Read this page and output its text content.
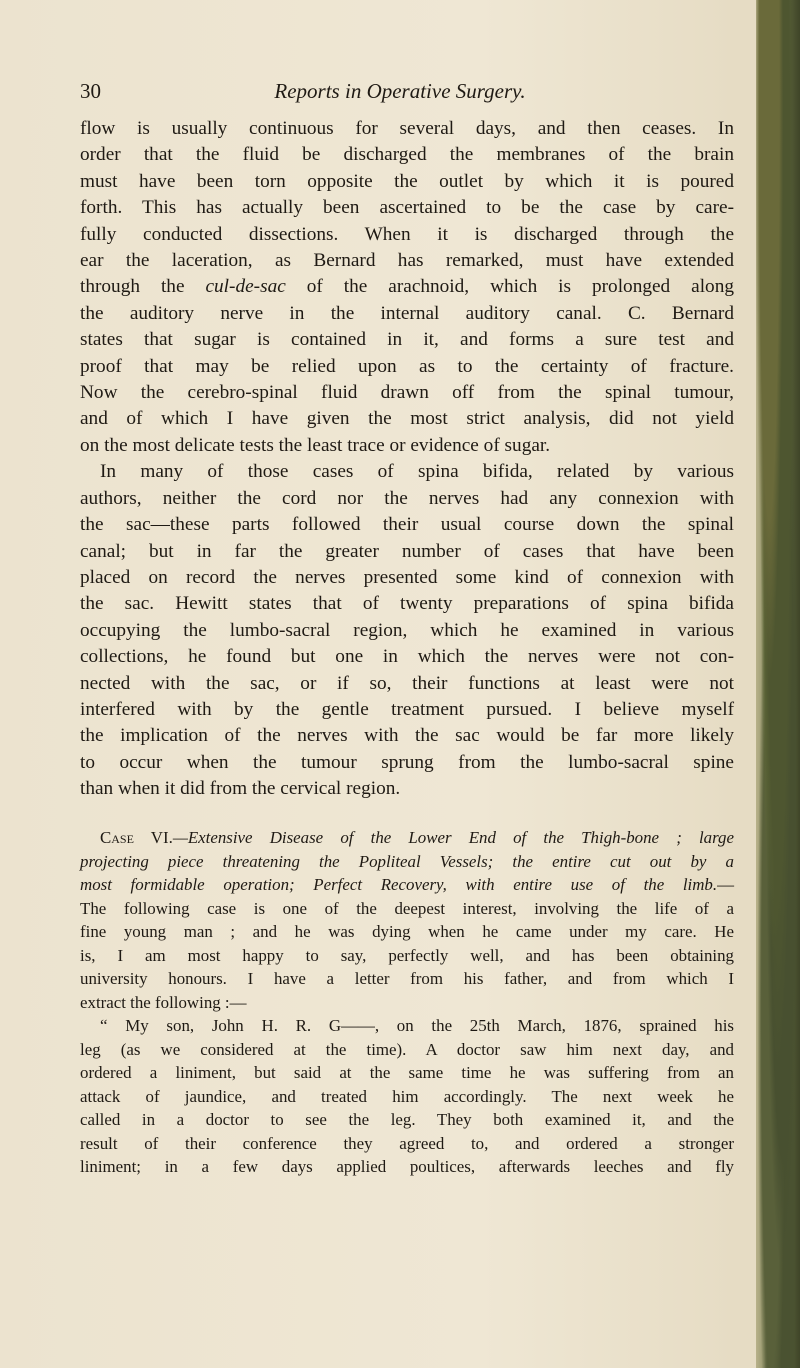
Reports in Operative Surgery.
30
flow is usually continuous for several days, and then ceases. In
order that the fluid be discharged the membranes of the brain
must have been torn opposite the outlet by which it is poured
forth. This has actually been ascertained to be the case by care-
fully conducted dissections. When it is discharged through the
ear the laceration, as Bernard has remarked, must have extended
through the cul-de-sac of the arachnoid, which is prolonged along
the auditory nerve in the internal auditory canal. C. Bernard
states that sugar is contained in it, and forms a sure test and
proof that may be relied upon as to the certainty of fracture.
Now the cerebro-spinal fluid drawn off from the spinal tumour,
and of which I have given the most strict analysis, did not yield
on the most delicate tests the least trace or evidence of sugar.
In many of those cases of spina bifida, related by various
authors, neither the cord nor the nerves had any connexion with
the sac—these parts followed their usual course down the spinal
canal; but in far the greater number of cases that have been
placed on record the nerves presented some kind of connexion with
the sac. Hewitt states that of twenty preparations of spina bifida
occupying the lumbo-sacral region, which he examined in various
collections, he found but one in which the nerves were not con-
nected with the sac, or if so, their functions at least were not
interfered with by the gentle treatment pursued. I believe myself
the implication of the nerves with the sac would be far more likely
to occur when the tumour sprung from the lumbo-sacral spine
than when it did from the cervical region.
Case VI.—Extensive Disease of the Lower End of the Thigh-bone ; large
projecting piece threatening the Popliteal Vessels; the entire cut out by a
most formidable operation; Perfect Recovery, with entire use of the limb.—
The following case is one of the deepest interest, involving the life of a
fine young man ; and he was dying when he came under my care. He
is, I am most happy to say, perfectly well, and has been obtaining
university honours. I have a letter from his father, and from which I
extract the following :—
“ My son, John H. R. G——, on the 25th March, 1876, sprained his
leg (as we considered at the time). A doctor saw him next day, and
ordered a liniment, but said at the same time he was suffering from an
attack of jaundice, and treated him accordingly. The next week he
called in a doctor to see the leg. They both examined it, and the
result of their conference they agreed to, and ordered a stronger
liniment; in a few days applied poultices, afterwards leeches and fly
